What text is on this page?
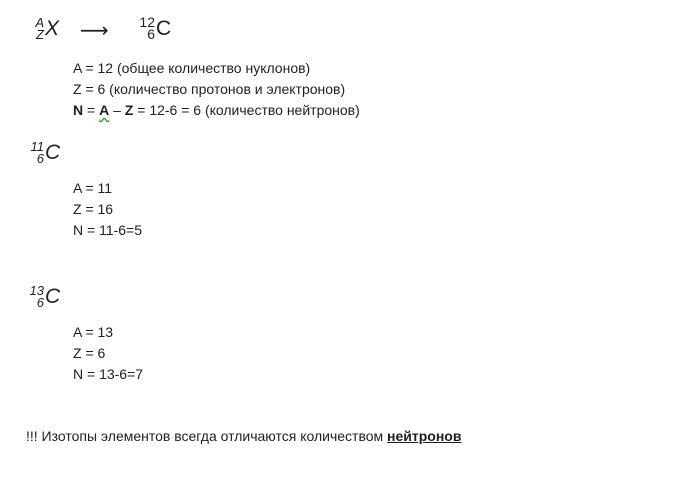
A
Z X ⟶ 12
6 C
A = 12 (общее количество нуклонов)
Z = 6 (количество протонов и электронов)
N = A – Z = 12-6 = 6 (количество нейтронов)
11
6 C
A = 11
Z = 16
N = 11-6=5
13
6 C
A = 13
Z = 6
N = 13-6=7
!!! Изотопы элементов всегда отличаются количеством нейтронов
